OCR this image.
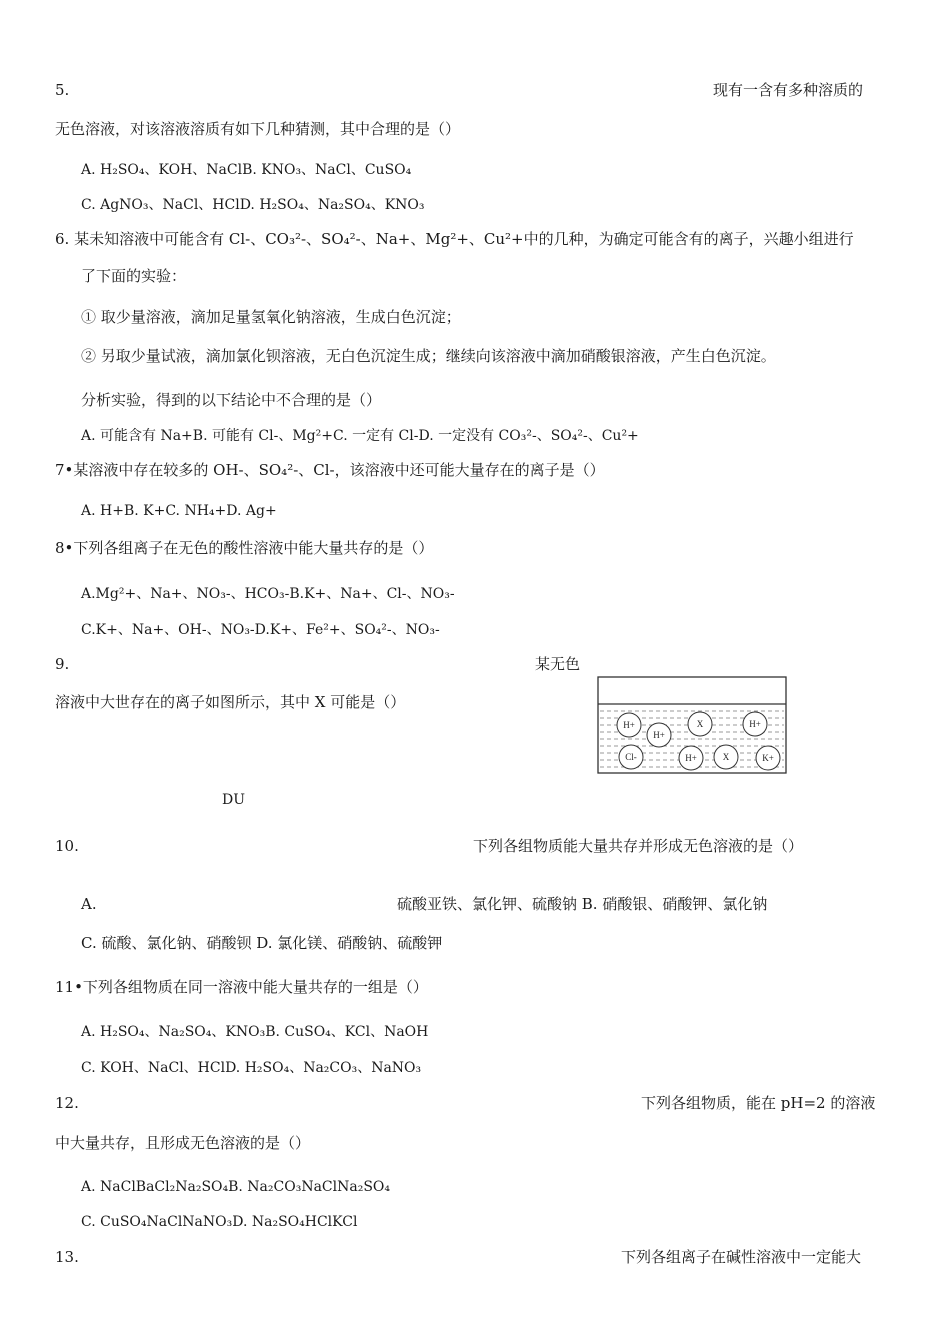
5.	现有一含有多种溶质的
无色溶液，对该溶液溶质有如下几种猜测，其中合理的是（）
A. H₂SO₄、KOH、NaClB. KNO₃、NaCl、CuSO₄
C. AgNO₃、NaCl、HClD. H₂SO₄、Na₂SO₄、KNO₃
6. 某未知溶液中可能含有 Cl-、CO₃²-、SO₄²-、Na+、Mg²+、Cu²+中的几种，为确定可能含有的离子，兴趣小组进行
了下面的实验：
① 取少量溶液，滴加足量氢氧化钠溶液，生成白色沉淀；
② 另取少量试液，滴加氯化钡溶液，无白色沉淀生成；继续向该溶液中滴加硝酸银溶液，产生白色沉淀。
分析实验，得到的以下结论中不合理的是（）
A. 可能含有 Na+B. 可能有 Cl-、Mg²+C. 一定有 Cl-D. 一定没有 CO₃²-、SO₄²-、Cu²+
7•某溶液中存在较多的 OH-、SO₄²-、Cl-，该溶液中还可能大量存在的离子是（）
A. H+B. K+C. NH₄+D. Ag+
8•下列各组离子在无色的酸性溶液中能大量共存的是（）
A.Mg²+、Na+、NO₃-、HCO₃-B.K+、Na+、Cl-、NO₃-
C.K+、Na+、OH-、NO₃-D.K+、Fe²+、SO₄²-、NO₃-
9.	某无色
溶液中大世存在的离子如图所示，其中 X 可能是（）
H+
H+
X	H+
Cl-	H+	X	K+
DU
10.	下列各组物质能大量共存并形成无色溶液的是（）
A.	硫酸亚铁、氯化钾、硫酸钠 B. 硝酸银、硝酸钾、氯化钠
C. 硫酸、氯化钠、硝酸钡 D. 氯化镁、硝酸钠、硫酸钾
11•下列各组物质在同一溶液中能大量共存的一组是（）
A. H₂SO₄、Na₂SO₄、KNO₃B. CuSO₄、KCl、NaOH
C. KOH、NaCl、HClD. H₂SO₄、Na₂CO₃、NaNO₃
12.	下列各组物质，能在 pH=2 的溶液
中大量共存，且形成无色溶液的是（）
A. NaClBaCl₂Na₂SO₄B. Na₂CO₃NaClNa₂SO₄
C. CuSO₄NaClNaNO₃D. Na₂SO₄HClKCl
13.	下列各组离子在碱性溶液中一定能大
